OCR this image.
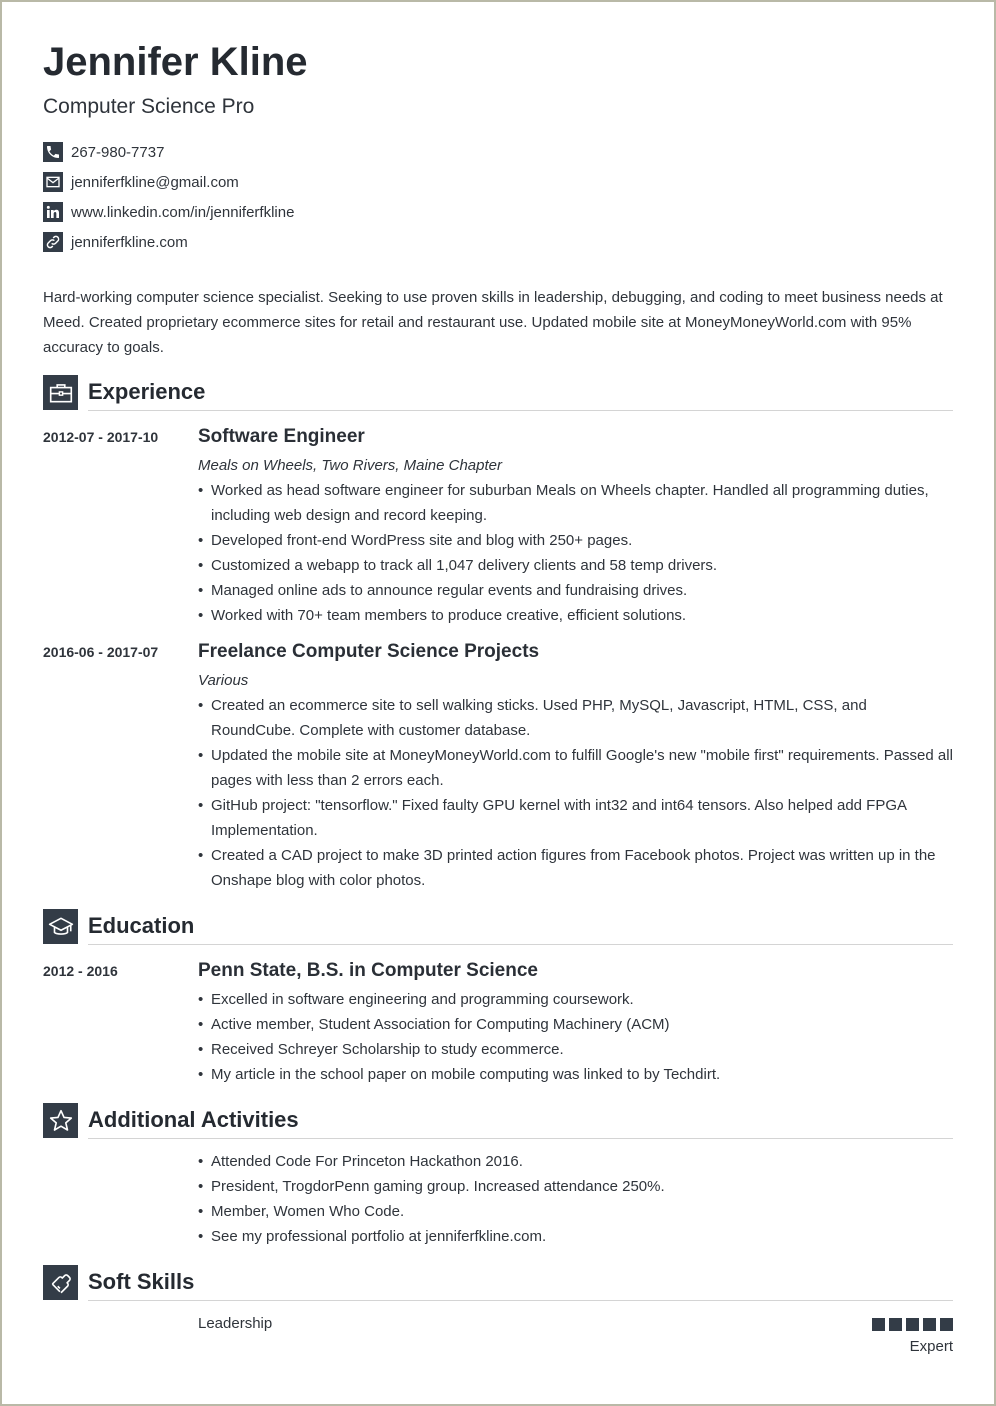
Jennifer Kline
Computer Science Pro
267-980-7737
jenniferfkline@gmail.com
www.linkedin.com/in/jenniferfkline
jenniferfkline.com
Hard-working computer science specialist. Seeking to use proven skills in leadership, debugging, and coding to meet business needs at Meed. Created proprietary ecommerce sites for retail and restaurant use. Updated mobile site at MoneyMoneyWorld.com with 95% accuracy to goals.
Experience
2012-07 - 2017-10 Software Engineer
Meals on Wheels, Two Rivers, Maine Chapter
• Worked as head software engineer for suburban Meals on Wheels chapter. Handled all programming duties, including web design and record keeping.
• Developed front-end WordPress site and blog with 250+ pages.
• Customized a webapp to track all 1,047 delivery clients and 58 temp drivers.
• Managed online ads to announce regular events and fundraising drives.
• Worked with 70+ team members to produce creative, efficient solutions.
2016-06 - 2017-07 Freelance Computer Science Projects
Various
• Created an ecommerce site to sell walking sticks. Used PHP, MySQL, Javascript, HTML, CSS, and RoundCube. Complete with customer database.
• Updated the mobile site at MoneyMoneyWorld.com to fulfill Google's new "mobile first" requirements. Passed all pages with less than 2 errors each.
• GitHub project: "tensorflow." Fixed faulty GPU kernel with int32 and int64 tensors. Also helped add FPGA Implementation.
• Created a CAD project to make 3D printed action figures from Facebook photos. Project was written up in the Onshape blog with color photos.
Education
2012 - 2016	Penn State, B.S. in Computer Science
• Excelled in software engineering and programming coursework.
• Active member, Student Association for Computing Machinery (ACM)
• Received Schreyer Scholarship to study ecommerce.
• My article in the school paper on mobile computing was linked to by Techdirt.
Additional Activities
• Attended Code For Princeton Hackathon 2016.
• President, TrogdorPenn gaming group. Increased attendance 250%.
• Member, Women Who Code.
• See my professional portfolio at jenniferfkline.com.
Soft Skills
Leadership
Expert
